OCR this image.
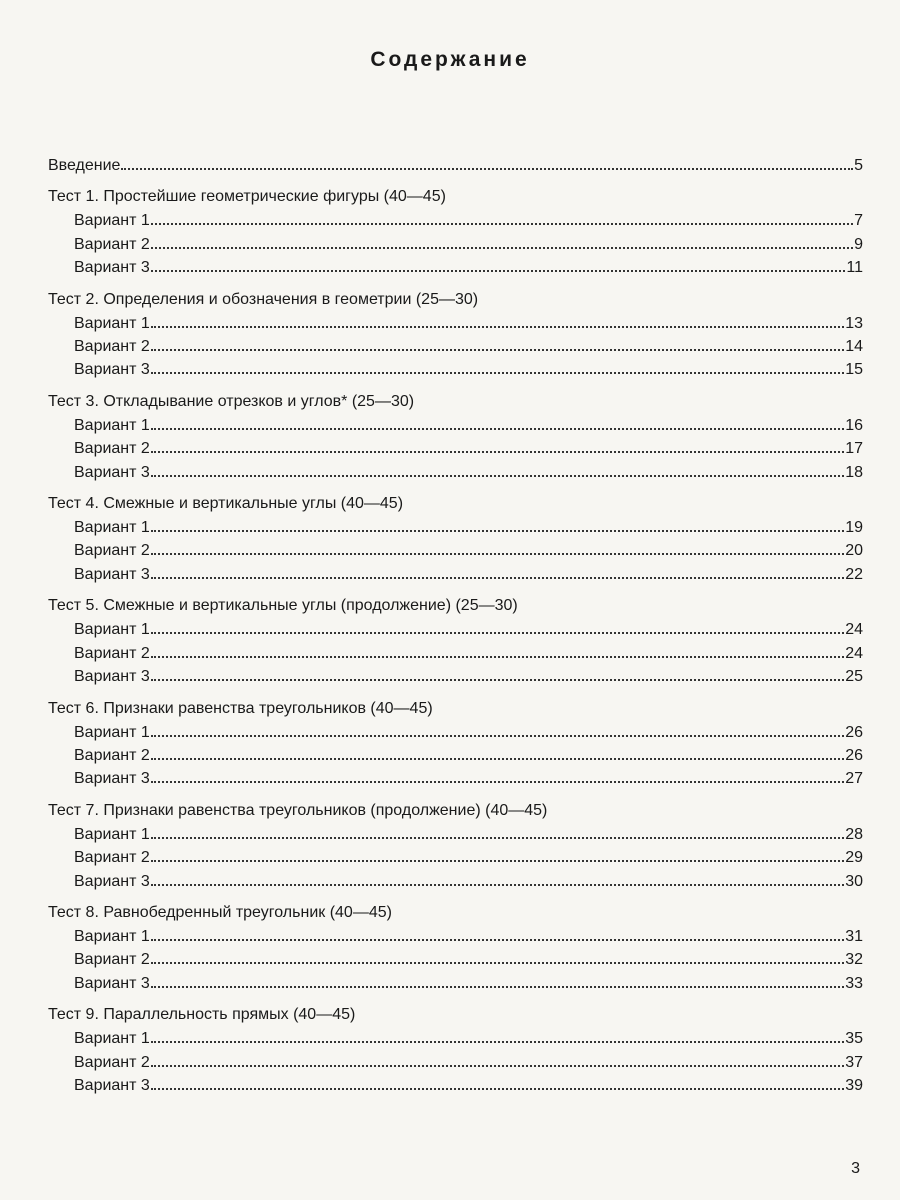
Содержание
Введение	5
Тест 1. Простейшие геометрические фигуры (40—45)
Вариант 1	7
Вариант 2	9
Вариант 3	11
Тест 2. Определения и обозначения в геометрии (25—30)
Вариант 1	13
Вариант 2	14
Вариант 3	15
Тест 3. Откладывание отрезков и углов* (25—30)
Вариант 1	16
Вариант 2	17
Вариант 3	18
Тест 4. Смежные и вертикальные углы (40—45)
Вариант 1	19
Вариант 2	20
Вариант 3	22
Тест 5. Смежные и вертикальные углы (продолжение) (25—30)
Вариант 1	24
Вариант 2	24
Вариант 3	25
Тест 6. Признаки равенства треугольников (40—45)
Вариант 1	26
Вариант 2	26
Вариант 3	27
Тест 7. Признаки равенства треугольников (продолжение) (40—45)
Вариант 1	28
Вариант 2	29
Вариант 3	30
Тест 8. Равнобедренный треугольник (40—45)
Вариант 1	31
Вариант 2	32
Вариант 3	33
Тест 9. Параллельность прямых (40—45)
Вариант 1	35
Вариант 2	37
Вариант 3	39
3
